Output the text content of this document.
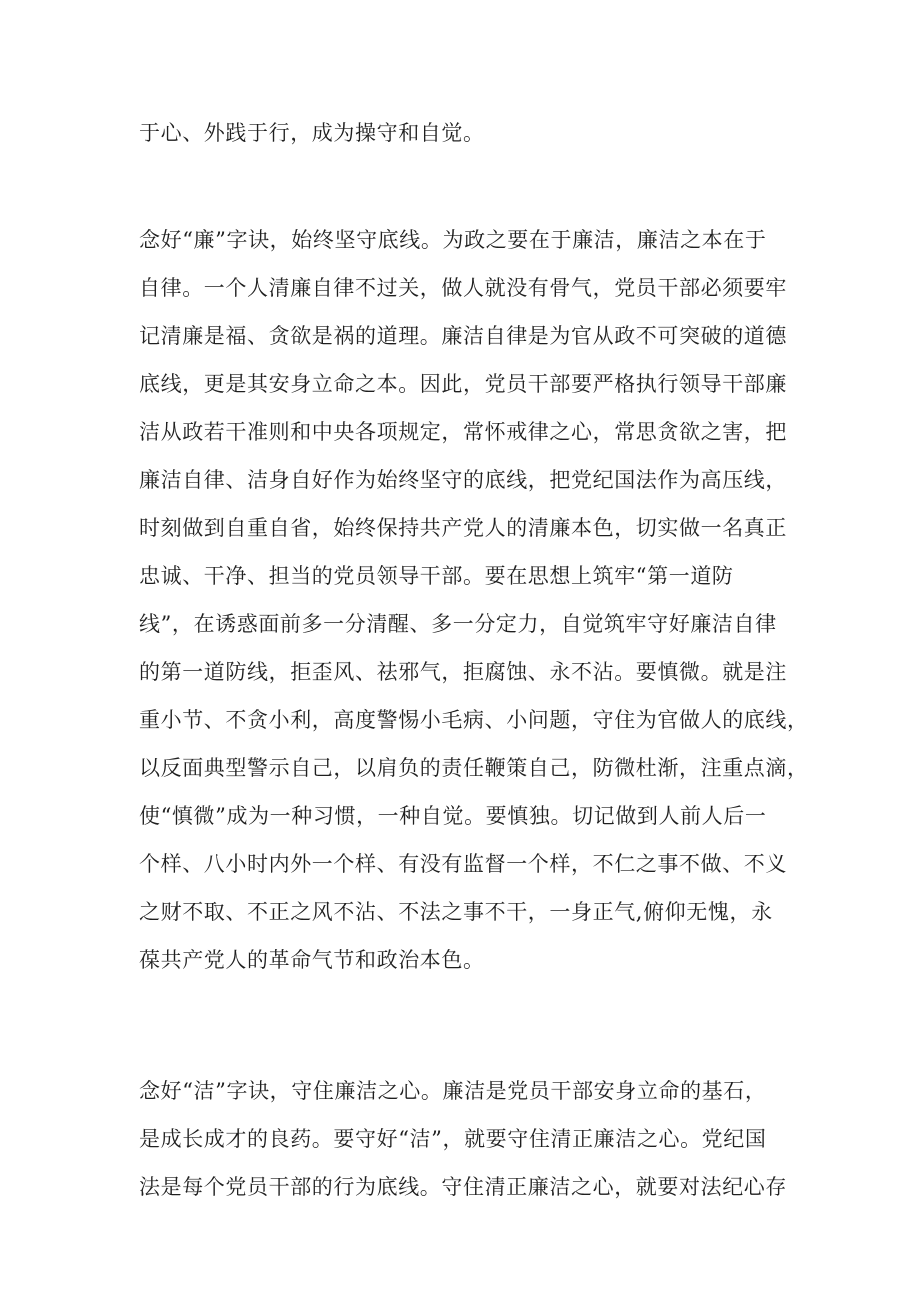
于心、外践于行，成为操守和自觉。
念好“廉”字诀，始终坚守底线。为政之要在于廉洁，廉洁之本在于
自律。一个人清廉自律不过关，做人就没有骨气，党员干部必须要牢
记清廉是福、贪欲是祸的道理。廉洁自律是为官从政不可突破的道德
底线，更是其安身立命之本。因此，党员干部要严格执行领导干部廉
洁从政若干准则和中央各项规定，常怀戒律之心，常思贪欲之害，把
廉洁自律、洁身自好作为始终坚守的底线，把党纪国法作为高压线，
时刻做到自重自省，始终保持共产党人的清廉本色，切实做一名真正
忠诚、干净、担当的党员领导干部。要在思想上筑牢“第一道防
线”，在诱惑面前多一分清醒、多一分定力，自觉筑牢守好廉洁自律
的第一道防线，拒歪风、祛邪气，拒腐蚀、永不沾。要慎微。就是注
重小节、不贪小利，高度警惕小毛病、小问题，守住为官做人的底线，
以反面典型警示自己，以肩负的责任鞭策自己，防微杜渐，注重点滴，
使“慎微”成为一种习惯，一种自觉。要慎独。切记做到人前人后一
个样、八小时内外一个样、有没有监督一个样，不仁之事不做、不义
之财不取、不正之风不沾、不法之事不干，一身正气,俯仰无愧，永
葆共产党人的革命气节和政治本色。
念好“洁”字诀，守住廉洁之心。廉洁是党员干部安身立命的基石，
是成长成才的良药。要守好“洁”，就要守住清正廉洁之心。党纪国
法是每个党员干部的行为底线。守住清正廉洁之心，就要对法纪心存
